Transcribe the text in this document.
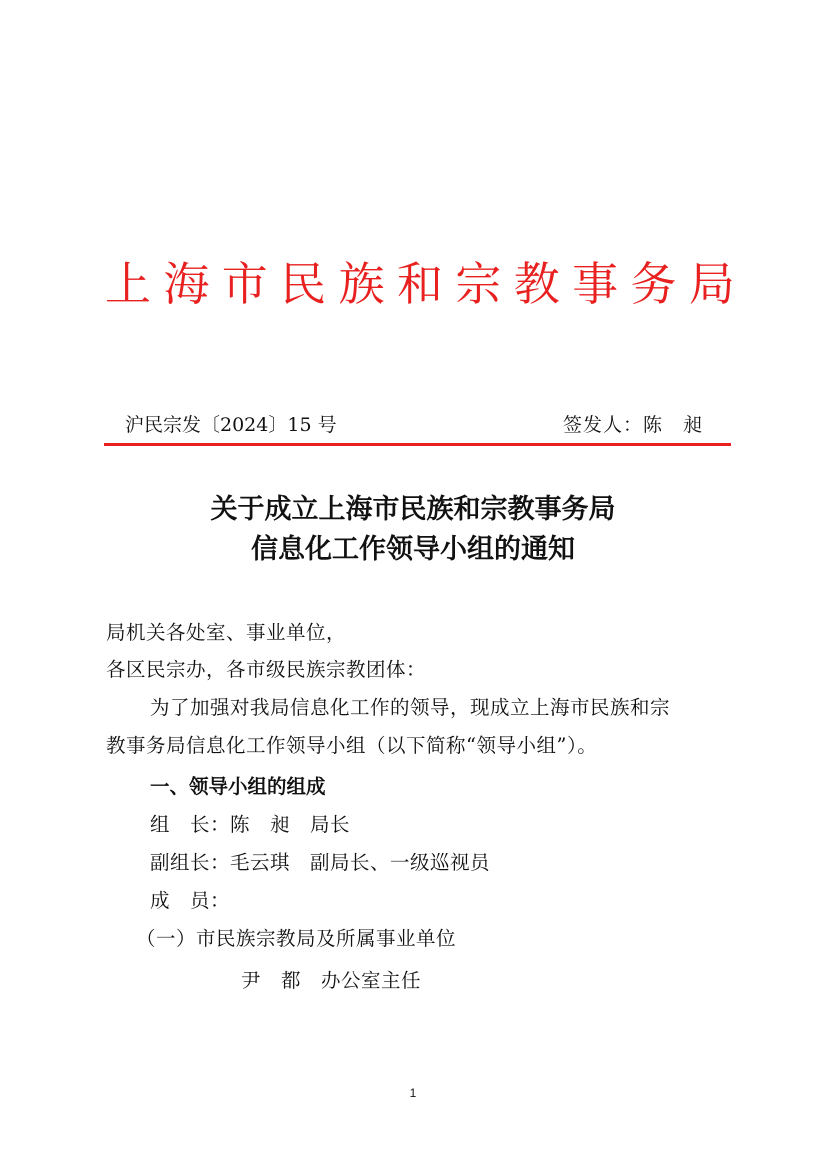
上 海 市 民 族 和 宗 教 事 务 局
沪民宗发〔2024〕15 号	签发人：陈　昶
关于成立上海市民族和宗教事务局
信息化工作领导小组的通知
局机关各处室、事业单位，
各区民宗办，各市级民族宗教团体：
为了加强对我局信息化工作的领导，现成立上海市民族和宗
教事务局信息化工作领导小组（以下简称“领导小组”）。
一、领导小组的组成
组　长：陈　昶　局长
副组长：毛云琪　副局长、一级巡视员
成　员：
（一）市民族宗教局及所属事业单位
尹　都　办公室主任
1
